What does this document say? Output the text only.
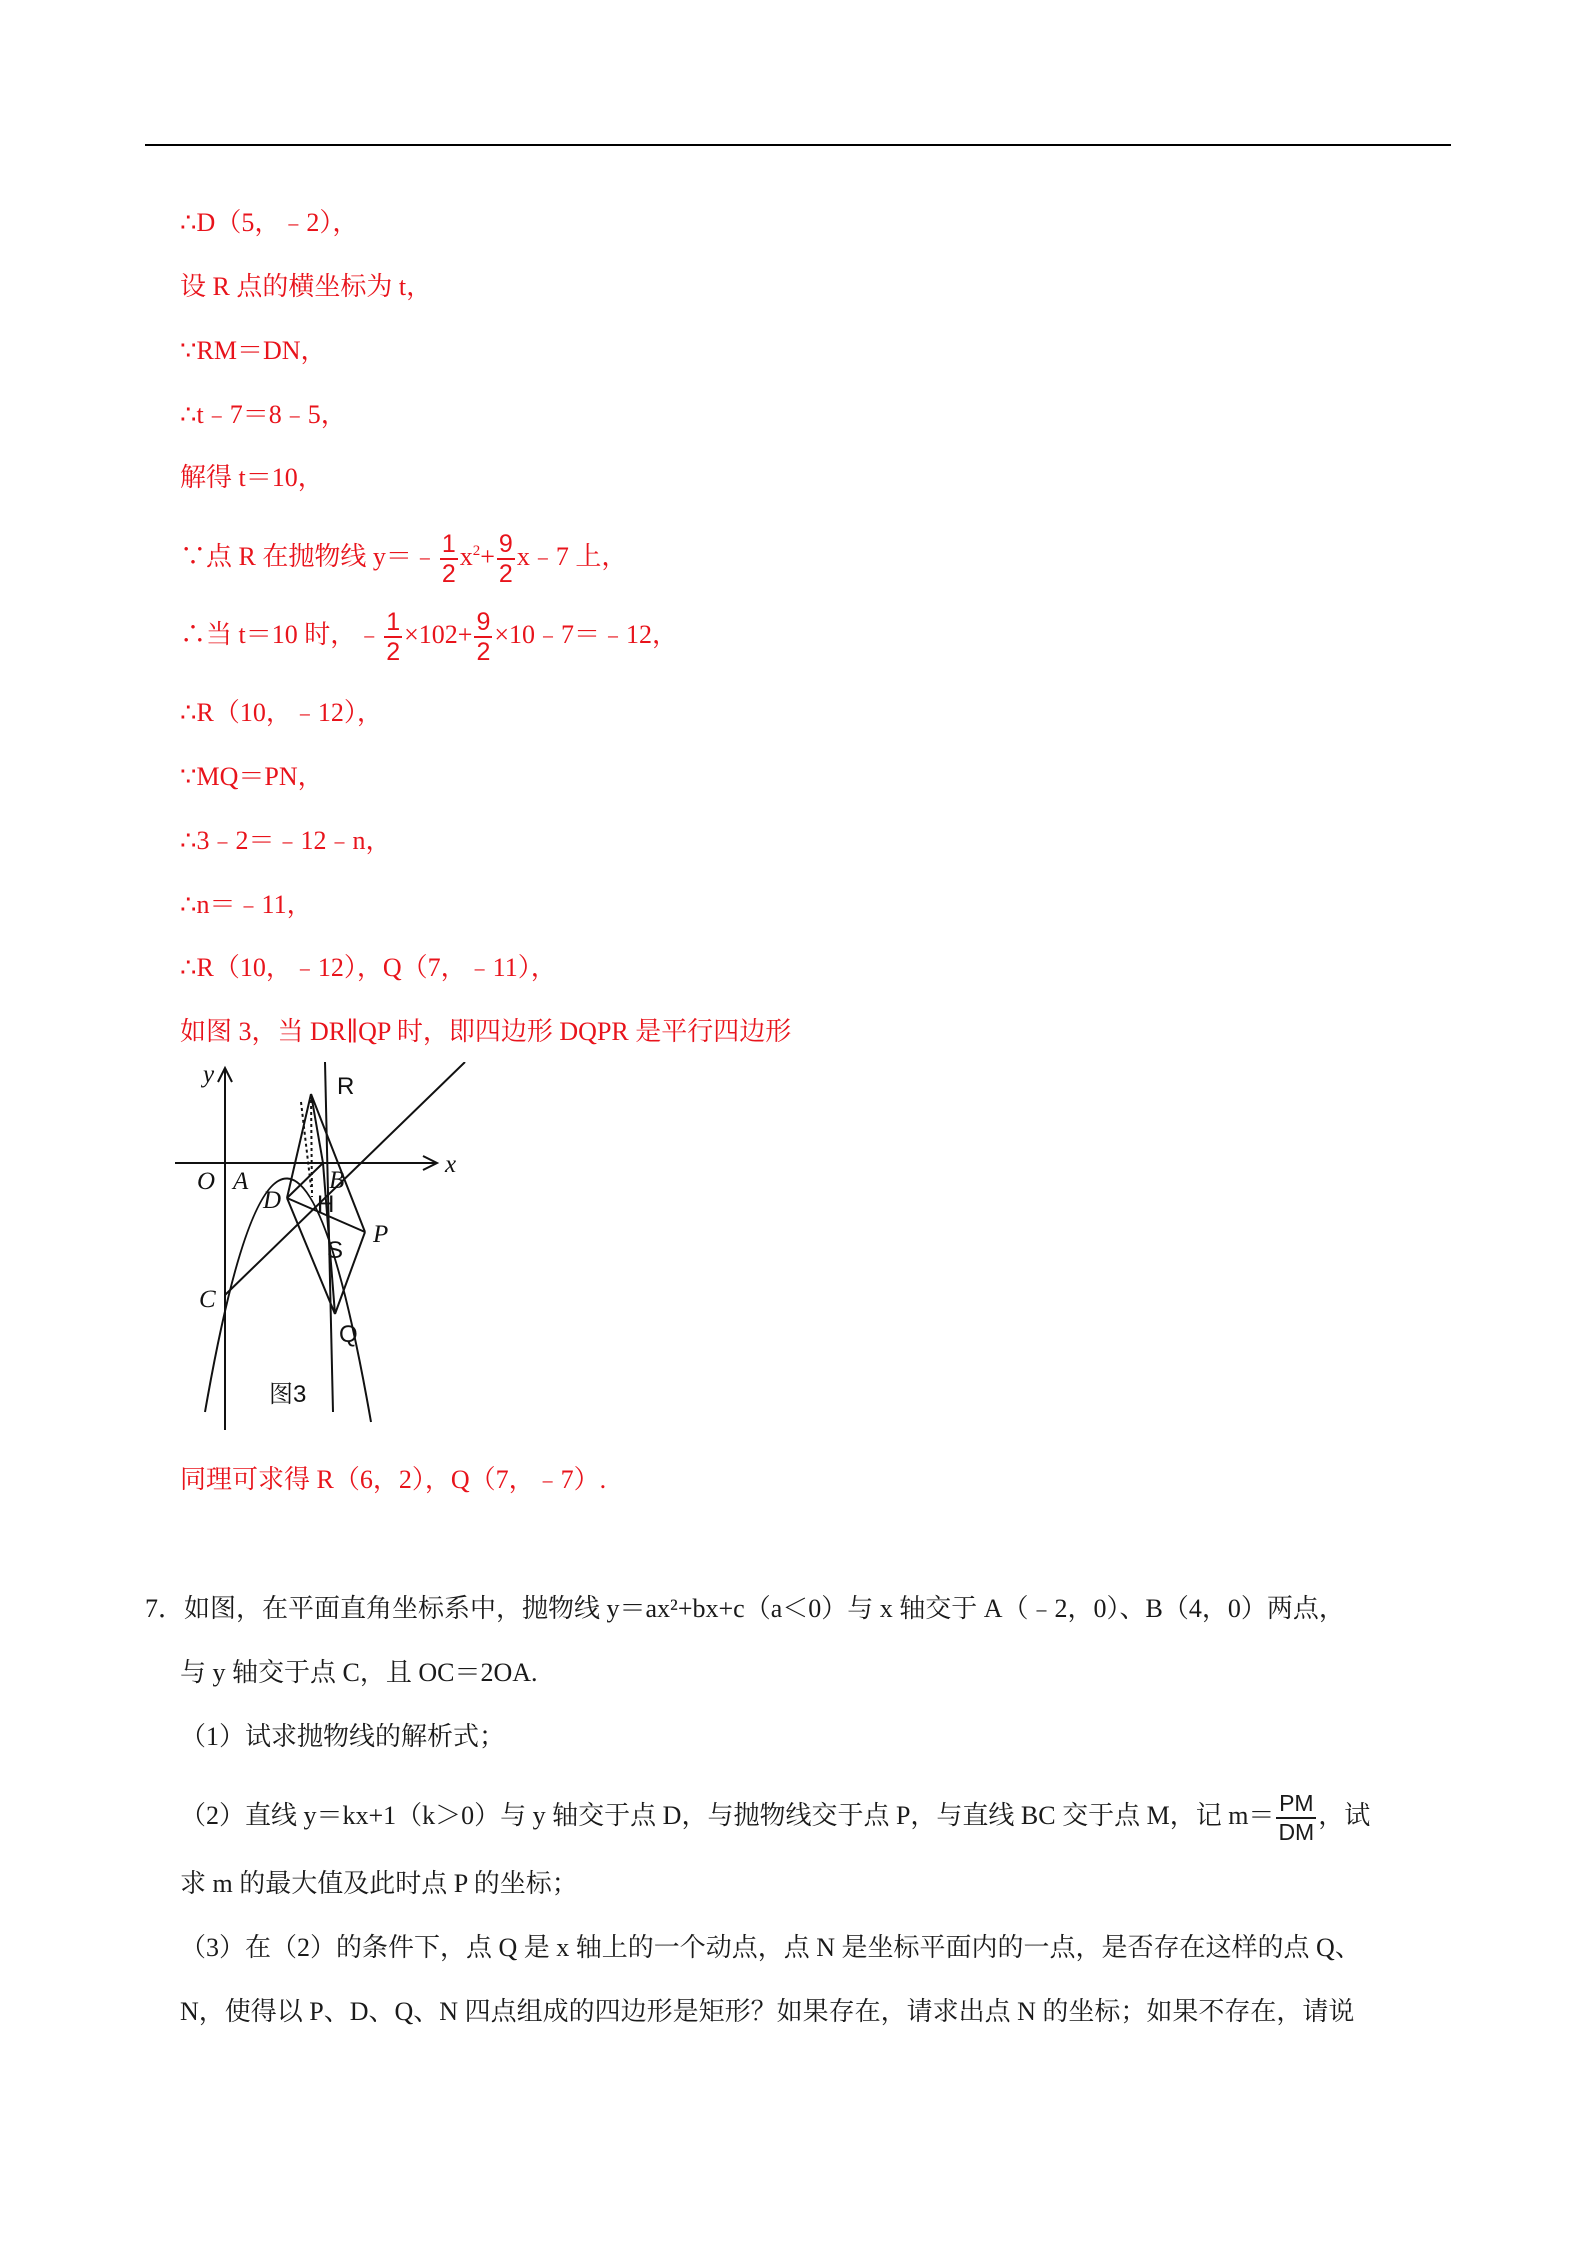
∴D（5，﹣2），
设 R 点的横坐标为 t，
∵RM＝DN，
∴t﹣7＝8﹣5，
解得 t＝10，
∵点 R 在抛物线 y＝﹣ $\frac{1}{2} x^2+ \frac{9}{2}$ x﹣7 上，
∴当 t＝10 时，﹣ $\frac{1}{2} \times 102+ \frac{9}{2}$ ×10﹣7＝﹣12，
∴R（10，﹣12），
∵MQ＝PN，
∴3﹣2＝﹣12﹣n，
∴n＝﹣11，
∴R（10，﹣12），Q（7，﹣11），
如图 3，当 DR∥QP 时，即四边形 DQPR 是平行四边形
y
x
O A
R
B
D H
P
S
C
Q
图3
同理可求得 R（6，2），Q（7，﹣7）.
7．如图，在平面直角坐标系中，抛物线 y＝ax²+bx+c（a＜0）与 x 轴交于 A（﹣2，0）、B（4，0）两点，
与 y 轴交于点 C，且 OC＝2OA.
（1）试求抛物线的解析式；
（2）直线 y＝kx+1（k＞0）与 y 轴交于点 D，与抛物线交于点 P，与直线 BC 交于点 M，记 $m= \frac{PM}{DM}$ ，试
求 m 的最大值及此时点 P 的坐标；
（3）在（2）的条件下，点 Q 是 x 轴上的一个动点，点 N 是坐标平面内的一点，是否存在这样的点 Q、
N，使得以 P、D、Q、N 四点组成的四边形是矩形？如果存在，请求出点 N 的坐标；如果不存在，请说
